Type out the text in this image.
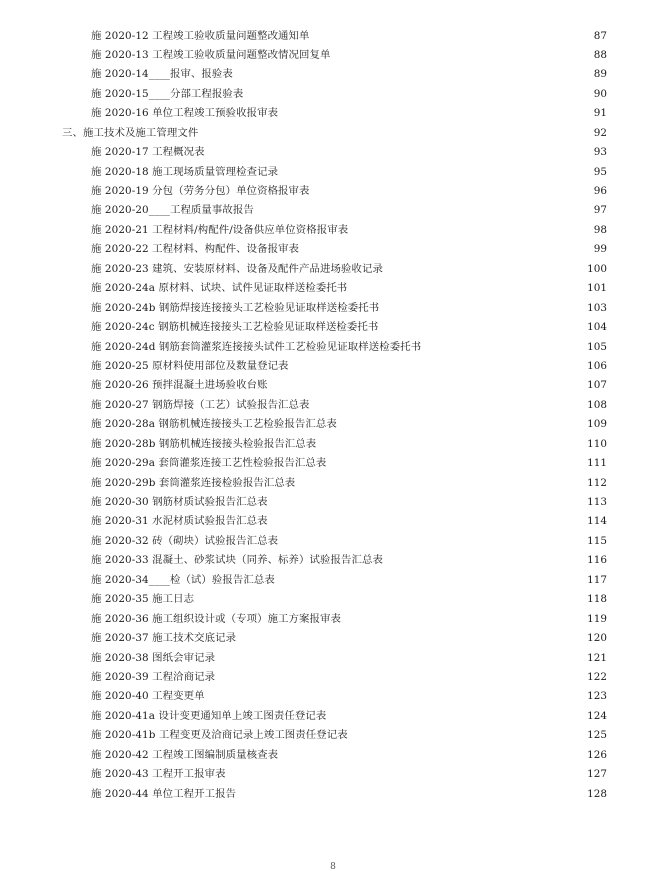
施 2020-12 工程竣工验收质量问题整改通知单	87
施 2020-13 工程竣工验收质量问题整改情况回复单	88
施 2020-14____报审、报验表	89
施 2020-15____分部工程报验表	90
施 2020-16 单位工程竣工预验收报审表	91
三、施工技术及施工管理文件	92
施 2020-17 工程概况表	93
施 2020-18 施工现场质量管理检查记录	95
施 2020-19 分包（劳务分包）单位资格报审表	96
施 2020-20____工程质量事故报告	97
施 2020-21 工程材料/构配件/设备供应单位资格报审表	98
施 2020-22 工程材料、构配件、设备报审表	99
施 2020-23 建筑、安装原材料、设备及配件产品进场验收记录	100
施 2020-24a 原材料、试块、试件见证取样送检委托书	101
施 2020-24b 钢筋焊接连接接头工艺检验见证取样送检委托书	103
施 2020-24c 钢筋机械连接接头工艺检验见证取样送检委托书	104
施 2020-24d 钢筋套筒灌浆连接接头试件工艺检验见证取样送检委托书	105
施 2020-25 原材料使用部位及数量登记表	106
施 2020-26 预拌混凝土进场验收台账	107
施 2020-27 钢筋焊接（工艺）试验报告汇总表	108
施 2020-28a 钢筋机械连接接头工艺检验报告汇总表	109
施 2020-28b 钢筋机械连接接头检验报告汇总表	110
施 2020-29a 套筒灌浆连接工艺性检验报告汇总表	111
施 2020-29b 套筒灌浆连接检验报告汇总表	112
施 2020-30 钢筋材质试验报告汇总表	113
施 2020-31 水泥材质试验报告汇总表	114
施 2020-32 砖（砌块）试验报告汇总表	115
施 2020-33 混凝土、砂浆试块（同养、标养）试验报告汇总表	116
施 2020-34____检（试）验报告汇总表	117
施 2020-35 施工日志	118
施 2020-36 施工组织设计或（专项）施工方案报审表	119
施 2020-37 施工技术交底记录	120
施 2020-38 图纸会审记录	121
施 2020-39 工程洽商记录	122
施 2020-40 工程变更单	123
施 2020-41a 设计变更通知单上竣工图责任登记表	124
施 2020-41b 工程变更及洽商记录上竣工图责任登记表	125
施 2020-42 工程竣工图编制质量核查表	126
施 2020-43 工程开工报审表	127
施 2020-44 单位工程开工报告	128
8
